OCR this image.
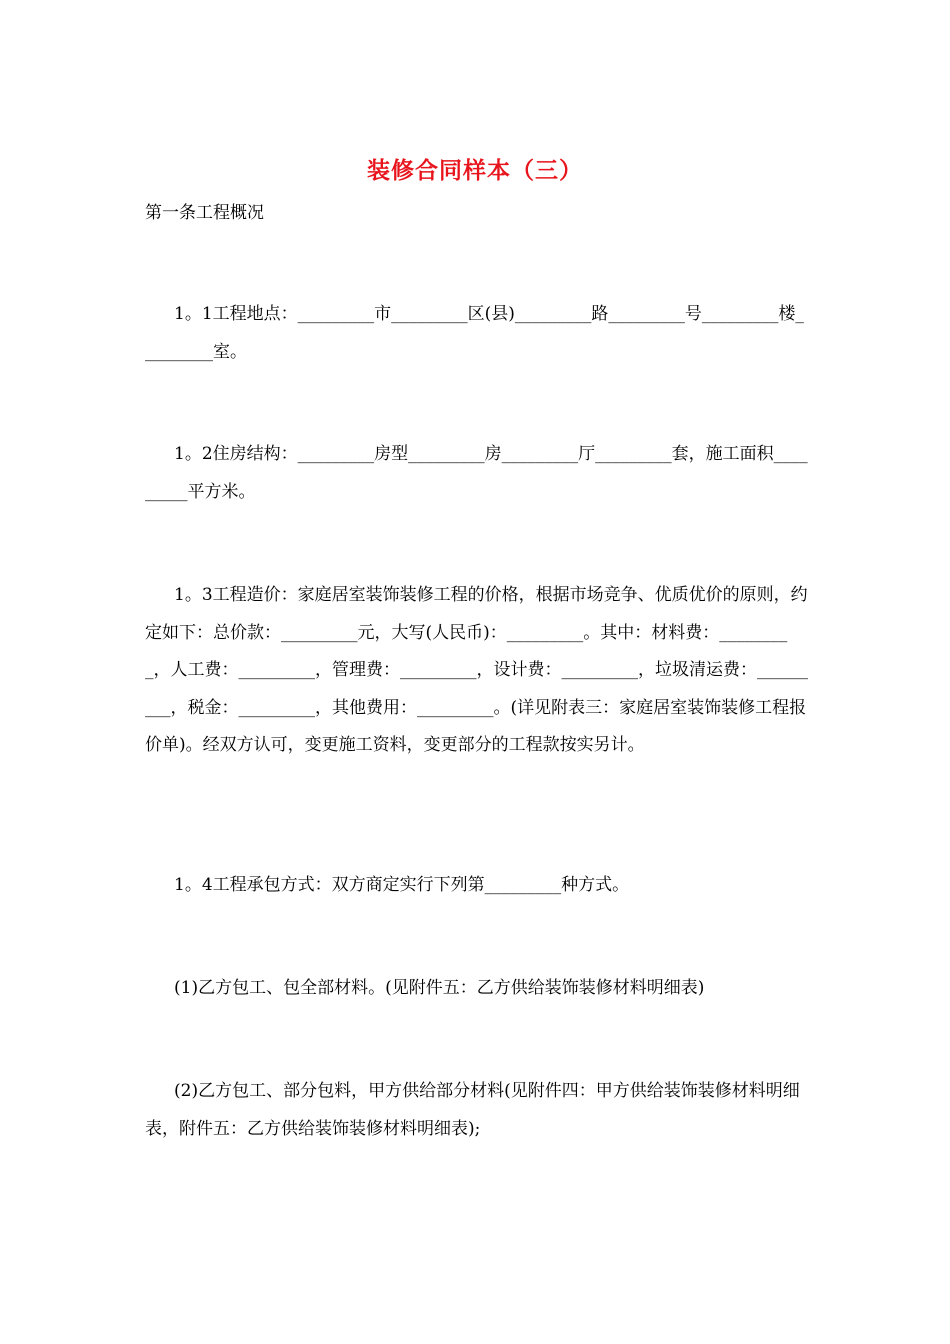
装修合同样本（三）
第一条工程概况
1。1工程地点：_________市_________区(县)_________路_________号_________楼_________室。
1。2住房结构：_________房型_________房_________厅_________套，施工面积_________平方米。
1。3工程造价：家庭居室装饰装修工程的价格，根据市场竞争、优质优价的原则，约定如下：总价款：_________元，大写(人民币)：_________。其中：材料费：_________，人工费：_________，管理费：_________，设计费：_________，垃圾清运费：_________，税金：_________，其他费用：_________。(详见附表三：家庭居室装饰装修工程报价单)。经双方认可，变更施工资料，变更部分的工程款按实另计。
1。4工程承包方式：双方商定实行下列第_________种方式。
(1)乙方包工、包全部材料。(见附件五：乙方供给装饰装修材料明细表)
(2)乙方包工、部分包料，甲方供给部分材料(见附件四：甲方供给装饰装修材料明细表，附件五：乙方供给装饰装修材料明细表);
